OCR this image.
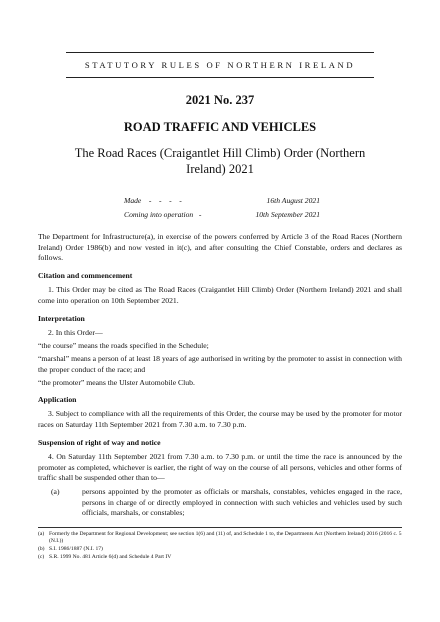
STATUTORY RULES OF NORTHERN IRELAND
2021 No. 237
ROAD TRAFFIC AND VEHICLES
The Road Races (Craigantlet Hill Climb) Order (Northern Ireland) 2021
Made    -    -    -    -	16th August 2021
Coming into operation   -	10th September 2021

The Department for Infrastructure(a), in exercise of the powers conferred by Article 3 of the Road Races (Northern Ireland) Order 1986(b) and now vested in it(c), and after consulting the Chief Constable, orders and declares as follows.

Citation and commencement

1. This Order may be cited as The Road Races (Craigantlet Hill Climb) Order (Northern Ireland) 2021 and shall come into operation on 10th September 2021.

Interpretation

2. In this Order—

“the course” means the roads specified in the Schedule;

“marshal” means a person of at least 18 years of age authorised in writing by the promoter to assist in connection with the proper conduct of the race; and

“the promoter” means the Ulster Automobile Club.

Application

3. Subject to compliance with all the requirements of this Order, the course may be used by the promoter for motor races on Saturday 11th September 2021 from 7.30 a.m. to 7.30 p.m.

Suspension of right of way and notice

4. On Saturday 11th September 2021 from 7.30 a.m. to 7.30 p.m. or until the time the race is announced by the promoter as completed, whichever is earlier, the right of way on the course of all persons, vehicles and other forms of traffic shall be suspended other than to—

(a)	persons appointed by the promoter as officials or marshals, constables, vehicles engaged in the race, persons in charge of or directly employed in connection with such vehicles and vehicles used by such officials, marshals, or constables;
(a) Formerly the Department for Regional Development; see section 1(6) and (11) of, and Schedule 1 to, the Departments Act (Northern Ireland) 2016 (2016 c. 5 (N.I.))
(b) S.I. 1986/1887 (N.I. 17)
(c) S.R. 1999 No. 481 Article 6(d) and Schedule 4 Part IV
